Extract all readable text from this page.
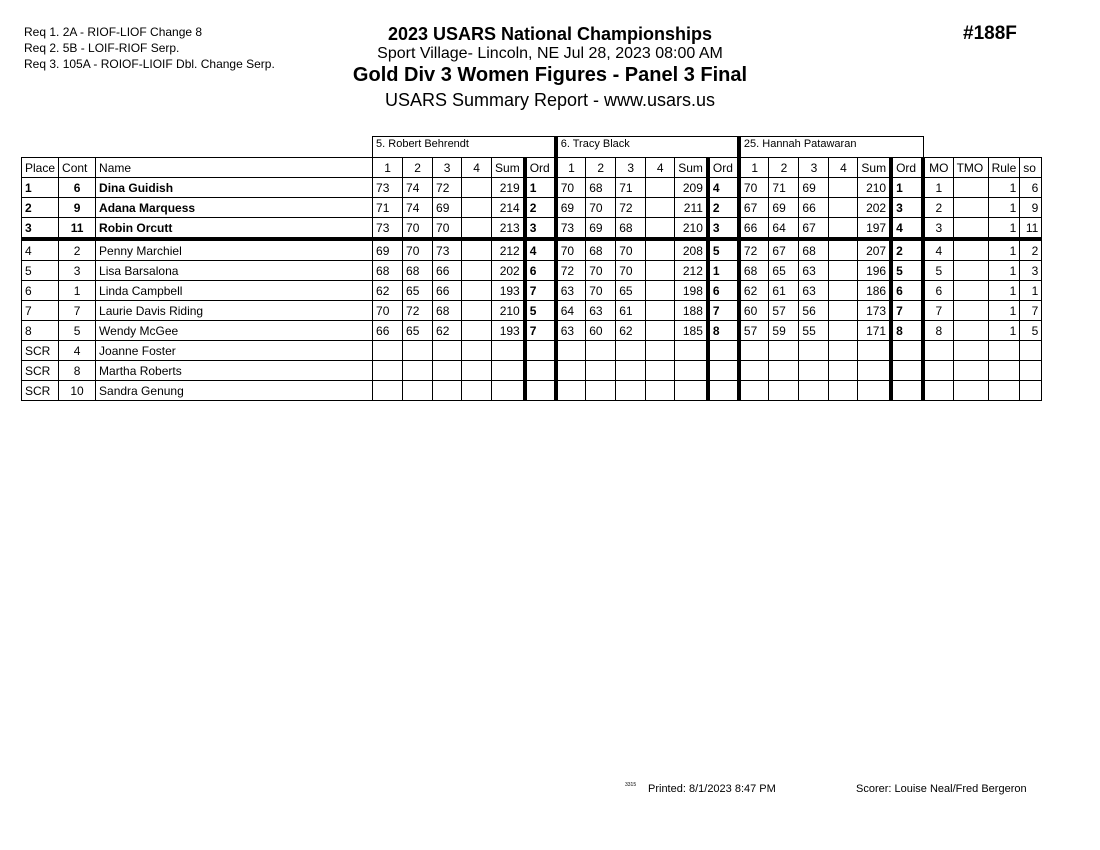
Req 1. 2A - RIOF-LIOF Change 8
Req 2. 5B - LOIF-RIOF Serp.
Req 3. 105A - ROIOF-LIOIF Dbl. Change Serp.
2023 USARS National Championships
Sport Village- Lincoln, NE Jul 28, 2023 08:00 AM
Gold Div 3 Women Figures - Panel 3 Final
USARS Summary Report - www.usars.us
#188F
			5. Robert Behrendt						6. Tracy Black						25. Hannah Patawaran									
Place	Cont	Name	1	2	3	4	Sum	Ord	1	2	3	4	Sum	Ord	1	2	3	4	Sum	Ord	MO	TMO	Rule	so
1	6	Dina Guidish	73	74	72		219	1	70	68	71		209	4	70	71	69		210	1	1		1	6
2	9	Adana Marquess	71	74	69		214	2	69	70	72		211	2	67	69	66		202	3	2		1	9
3	11	Robin Orcutt	73	70	70		213	3	73	69	68		210	3	66	64	67		197	4	3		1	11
4	2	Penny Marchiel	69	70	73		212	4	70	68	70		208	5	72	67	68		207	2	4		1	2
5	3	Lisa Barsalona	68	68	66		202	6	72	70	70		212	1	68	65	63		196	5	5		1	3
6	1	Linda Campbell	62	65	66		193	7	63	70	65		198	6	62	61	63		186	6	6		1	1
7	7	Laurie Davis Riding	70	72	68		210	5	64	63	61		188	7	60	57	56		173	7	7		1	7
8	5	Wendy McGee	66	65	62		193	7	63	60	62		185	8	57	59	55		171	8	8		1	5
SCR	4	Joanne Foster																						
SCR	8	Martha Roberts																						
SCR	10	Sandra Genung																						
3315 Printed: 8/1/2023 8:47 PM	Scorer: Louise Neal/Fred Bergeron
